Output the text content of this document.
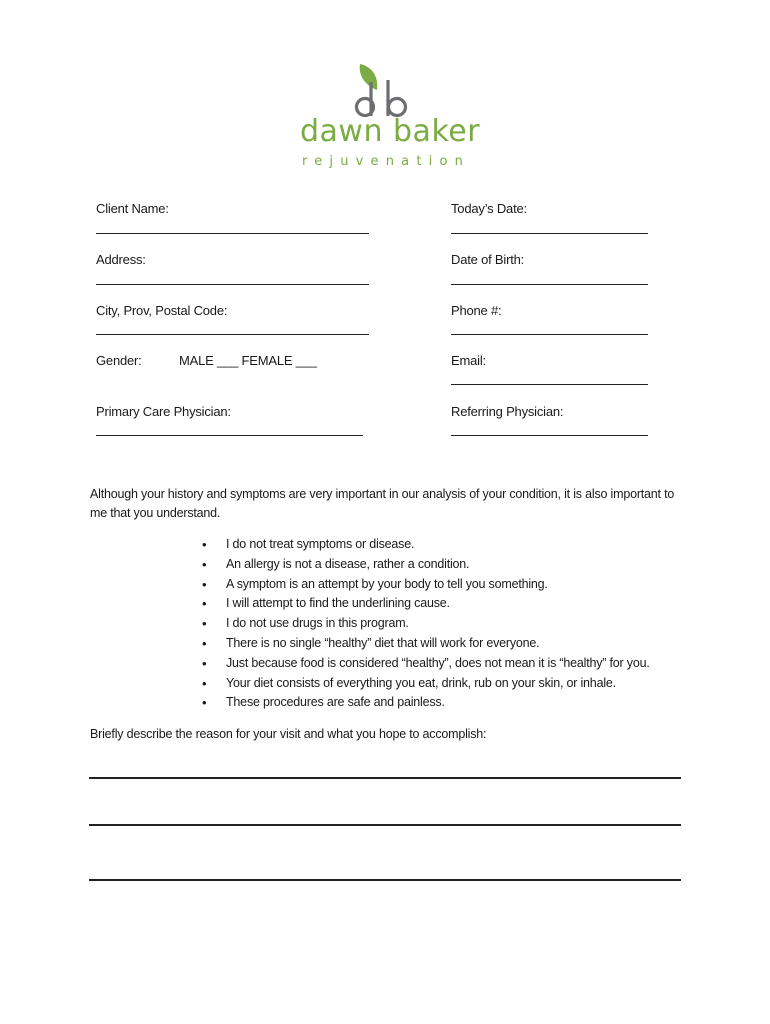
dawn baker
rejuvenation
Client Name:
Address:
City, Prov, Postal Code:
Gender:	MALE ___ FEMALE ___
Primary Care Physician:
Today’s Date:
Date of Birth:
Phone #:
Email:
Referring Physician:
Although your history and symptoms are very important in our analysis of your condition, it is also important to me that you understand.
• I do not treat symptoms or disease.
• An allergy is not a disease, rather a condition.
• A symptom is an attempt by your body to tell you something.
• I will attempt to find the underlining cause.
• I do not use drugs in this program.
• There is no single “healthy” diet that will work for everyone.
• Just because food is considered “healthy”, does not mean it is “healthy” for you.
• Your diet consists of everything you eat, drink, rub on your skin, or inhale.
• These procedures are safe and painless.
Briefly describe the reason for your visit and what you hope to accomplish:
